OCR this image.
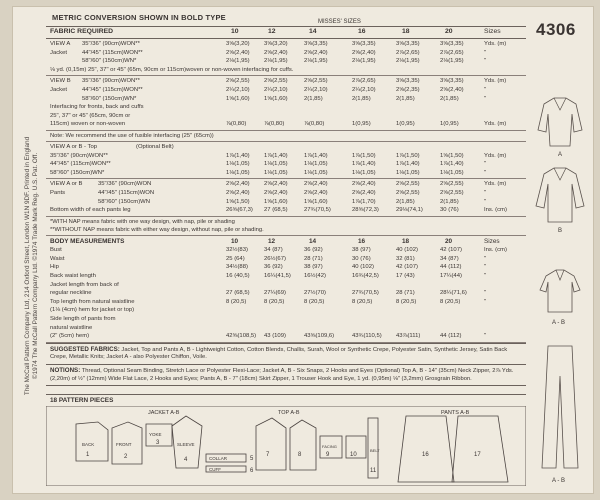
The McCall Pattern Company Ltd, 214 Oxford Street, London W1N 9DF. Printed in England
©1974 The McCall Pattern Company Ltd. ©1974 Trade Mark Reg. U.S. Pat. Off.
METRIC CONVERSION SHOWN IN BOLD TYPE
4306
FABRIC REQUIRED
MISSES' SIZES
10	12	14	16	18	20	Sizes
VIEW A 35"/36" (90cm)WON**	3⅝(3,20) 3⅝(3,20)	3⅝(3,35)	3⅝(3,35)	3⅝(3,35)	3⅝(3,35)	Yds. (m)
Jacket	44"/45" (115cm)WON**	2⅝(2,40) 2⅝(2,40)	2⅝(2,40)	2⅝(2,40)	2⅞(2,65)	2⅞(2,65)	"
58"/60" (150cm)WN*	2⅛(1,95) 2⅛(1,95)	2⅛(1,95)	2⅛(1,95)	2⅛(1,95)	2⅛(1,95)	"
⅛ yd. (0,15m) 25", 37" or 45" (65m, 90cm or 115cm)woven or non-woven interfacing for cuffs.
VIEW B 35"/36" (90cm)WON**	2⅝(2,55) 2⅝(2,55)	2⅝(2,55)	2⅞(2,65)	3⅝(3,35)	3⅝(3,35)	Yds. (m)
Jacket	44"/45" (115cm)WON**	2¼(2,10) 2¼(2,10)	2¼(2,10)	2¼(2,10)	2⅝(2,35)	2⅝(2,40)	"
58"/60" (150cm)WN*	1⅝(1,60) 1⅝(1,60)	2(1,85)	2(1,85)	2(1,85)	2(1,85)	"
Interfacing for fronts, back and cuffs
25", 37" or 45" (65cm, 90cm or
115cm) woven or non-woven	⅞(0,80)	⅞(0,80)	⅞(0,80)	1(0,95)	1(0,95)	1(0,95)	Yds. (m)
Note: We recommend the use of fusible interfacing (25" (65cm))
VIEW A or B - Top	(Optional Belt)
35"/36" (90cm)WON**	1⅞(1,40) 1⅞(1,40)	1⅞(1,40)	1⅞(1,50)	1⅞(1,50)	1⅝(1,50)	Yds. (m)
44"/45" (115cm)WON**	1⅛(1,05) 1⅛(1,05)	1⅛(1,05)	1⅞(1,40)	1⅞(1,40)	1⅞(1,40)	"
58"/60" (150cm)WN*	1⅛(1,05) 1⅛(1,05)	1⅛(1,05)	1⅛(1,05)	1⅛(1,05)	1⅛(1,05)	"
VIEW A or B	35"/36" (90cm)WON	2⅝(2,40) 2⅝(2,40)	2⅝(2,40)	2⅝(2,40)	2⅝(2,55)	2⅝(2,55)	Yds. (m)
Pants	44"/45" (115cm)WON	2⅝(2,40) 2⅝(2,40)	2⅝(2,40)	2⅝(2,40)	2⅝(2,55)	2⅝(2,55)	"
58"/60" (150cm)WN	1⅝(1,50) 1⅝(1,60)	1⅝(1,60)	1⅞(1,70)	2(1,85)	2(1,85)	"
Bottom width of each pants leg	26⅝(67,3) 27 (68,5)	27¾(70,5)	28⅝(72,3)	29⅛(74,1)	30 (76)	Ins. (cm)
*WITH NAP means fabric with one way design, with nap, pile or shading
**WITHOUT NAP means fabric with either way design, without nap, pile or shading.
BODY MEASUREMENTS	10	12	14	16	18	20	Sizes
Bust	32½(83)	34 (87)	36 (92)	38 (97)	40 (102)	42 (107)	Ins. (cm)
Waist	25 (64)	26½(67)	28 (71)	30 (76)	32 (81)	34 (87)	"
Hip	34½(88)	36 (92)	38 (97)	40 (102)	42 (107)	44 (112)	"
Back waist length	16 (40,5) 16¼(41,5) 16½(42)	16¾(42,5)	17 (43)	17¼(44)	"
Jacket length from back of
regular neckline	27 (68,5) 27¼(69)	27½(70)	27¾(70,5)	28 (71)	28¼(71,6)	"
Top length from natural waistline	8 (20,5)	8 (20,5)	8 (20,5)	8 (20,5)	8 (20,5)	8 (20,5)	"
(1⅛ (4cm) hem for jacket or top)
Side length of pants from
natural waistline
(2" (5cm) hem)	42⅝(108,5) 43 (109)	43⅝(109,6)	43¾(110,5) 43⅞(111)	44 (112)	"
SUGGESTED FABRICS: Jacket, Top and Pants A, B - Lightweight Cotton, Cotton Blends, Challis, Surah, Wool or Synthetic Crepe, Polyester Satin, Synthetic Jersey, Satin Back Crepe, Metallic Knits; Jacket A - also Polyester Chiffon, Voile.
NOTIONS: Thread, Optional Seam Binding, Stretch Lace or Polyester Flexi-Lace; Jacket A, B - Six Snaps, 2 Hooks and Eyes (Optional) Top A, B - 14" (35cm) Neck Zipper, 2⅞ Yds. (2,20m) of ½" (12mm) Wide Flat Lace, 2 Hooks and Eyes; Pants A, B - 7" (18cm) Skirt Zipper, 1 Trouser Hook and Eye, 1 yd. (0,95m) ⅛" (3,2mm) Grosgrain Ribbon.
18 PATTERN PIECES
JACKET A-B	TOP A-B	PANTS A-B
BACK	FRONT
YOKE
SLEEVE
COLLAR
CUFF
FACING
BELT
1	2
3
4	5
6
7	8	9	10
11
16	17
A
B
A - B
A - B
